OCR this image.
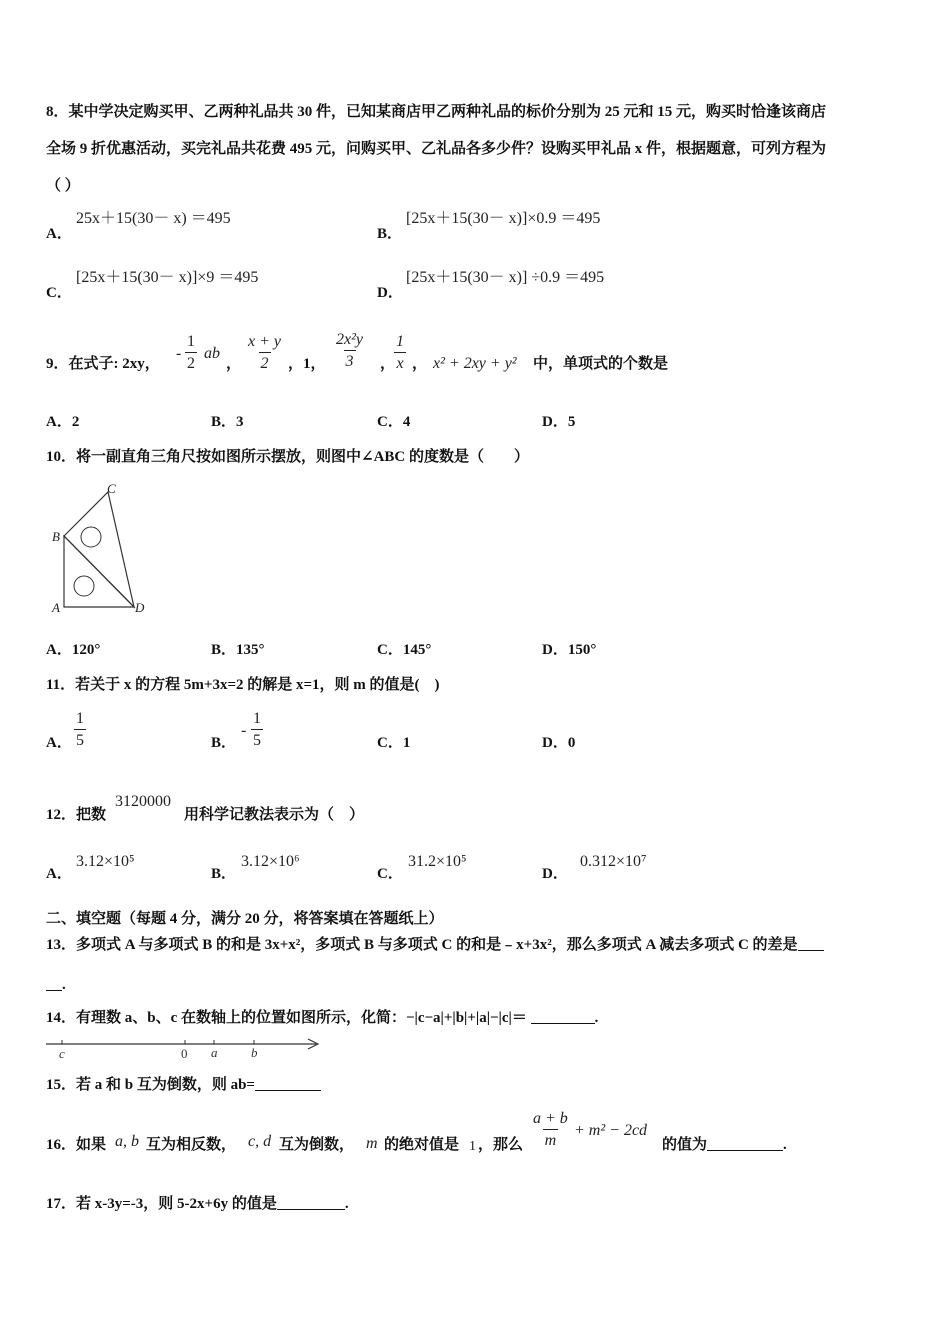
8．某中学决定购买甲、乙两种礼品共 30 件，已知某商店甲乙两种礼品的标价分别为 25 元和 15 元，购买时恰逢该商店
全场 9 折优惠活动，买完礼品共花费 495 元，问购买甲、乙礼品各多少件？设购买甲礼品 x 件，根据题意，可列方程为
（ ）
A．
25x＋15(30－ x) ＝495
B．
[25x＋15(30－ x)]×0.9 ＝495
C．
[25x＋15(30－ x)]×9 ＝495
D．
[25x＋15(30－ x)] ÷0.9 ＝495
9．在式子: 2xy，
- $\frac{1}{2}$ ab
， $\frac{x + y}{2}$ ，1， $\frac{\text{2x²y}}{3}$ ，
$\frac{1}{x}$ ， x² + 2xy + y² 中，单项式的个数是
A．2	B．3	C．4	D．5
10．将一副直角三角尺按如图所示摆放，则图中∠ABC 的度数是（　　）
C
B
A	D
A．120°	B．135°	C．145°	D．150°
11．若关于 x 的方程 5m+3x=2 的解是 x=1，则 m 的值是(　)
A． $\frac{1}{5}$	B．
- $\frac{1}{5}$	C．1	D．0
12．把数
3120000
用科学记教法表示为（　）
A．
3.12×10⁵
B．
3.12×10⁶
C．
31.2×10⁵
D．
0.312×10⁷
二、填空题（每题 4 分，满分 20 分，将答案填在答题纸上）
13．多项式 A 与多项式 B 的和是 3x+x²，多项式 B 与多项式 C 的和是﹣x+3x²，那么多项式 A 减去多项式 C 的差是
.
14．有理数 a、b、c 在数轴上的位置如图所示，化简：−|c−a|+|b|+|a|−|c|＝	.
c	0 a	b
15．若 a 和 b 互为倒数，则 ab=
16．如果 a, b 互为相反数， c, d 互为倒数， m 的绝对值是 1 ，那么 $\frac{a + b}{m} + m^2 - 2cd$
的值为	.
17．若 x-3y=-3，则 5-2x+6y 的值是	.
